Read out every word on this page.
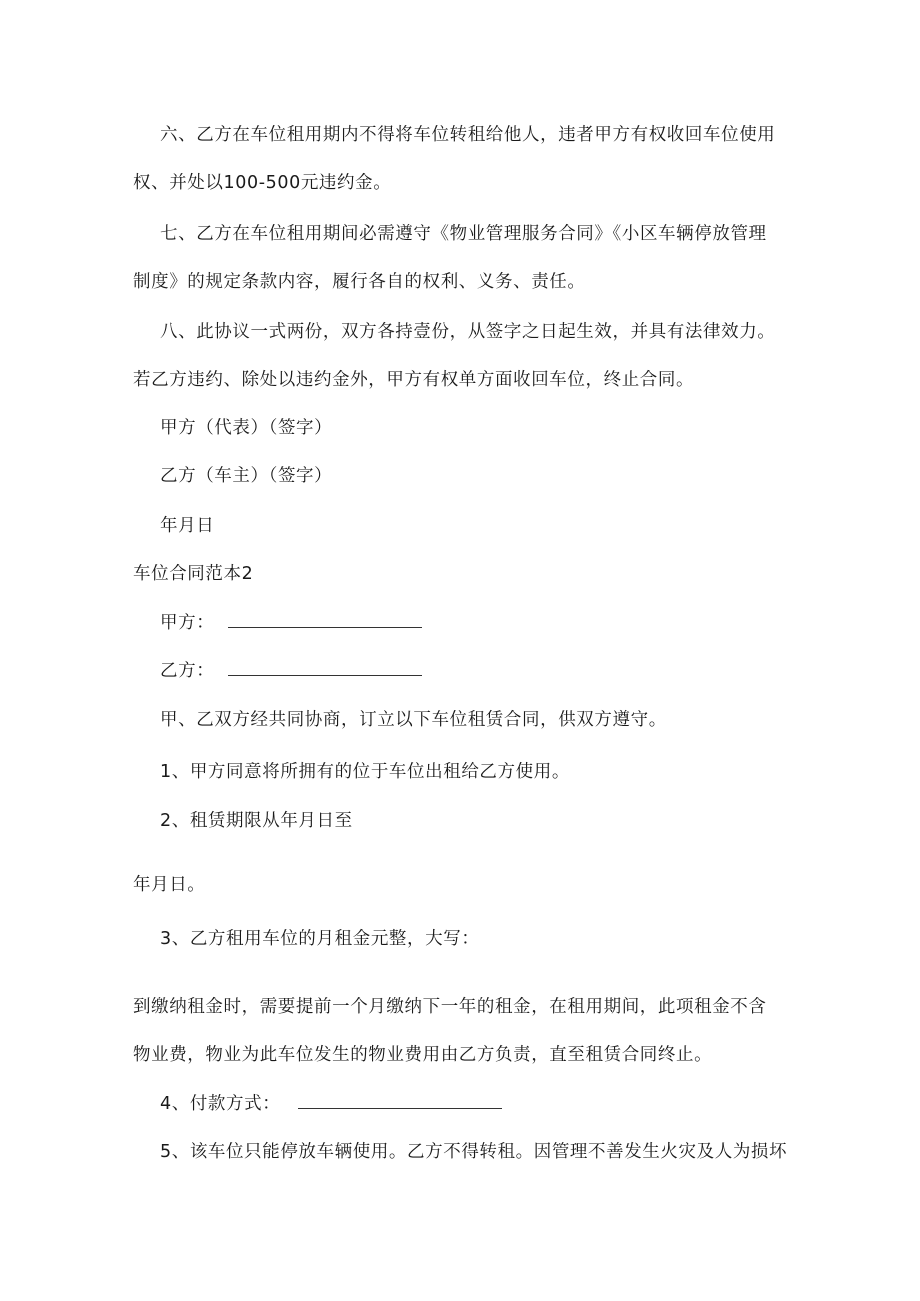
六、乙方在车位租用期内不得将车位转租给他人，违者甲方有权收回车位使用
权、并处以100-500元违约金。
七、乙方在车位租用期间必需遵守《物业管理服务合同》《小区车辆停放管理
制度》的规定条款内容，履行各自的权利、义务、责任。
八、此协议一式两份，双方各持壹份，从签字之日起生效，并具有法律效力。
若乙方违约、除处以违约金外，甲方有权单方面收回车位，终止合同。
甲方（代表）（签字）
乙方（车主）（签字）
年月日
车位合同范本2
甲方：
乙方：
甲、乙双方经共同协商，订立以下车位租赁合同，供双方遵守。
1、甲方同意将所拥有的位于车位出租给乙方使用。
2、租赁期限从年月日至
年月日。
3、乙方租用车位的月租金元整，大写：
到缴纳租金时，需要提前一个月缴纳下一年的租金，在租用期间，此项租金不含
物业费，物业为此车位发生的物业费用由乙方负责，直至租赁合同终止。
4、付款方式：
5、该车位只能停放车辆使用。乙方不得转租。因管理不善发生火灾及人为损坏
